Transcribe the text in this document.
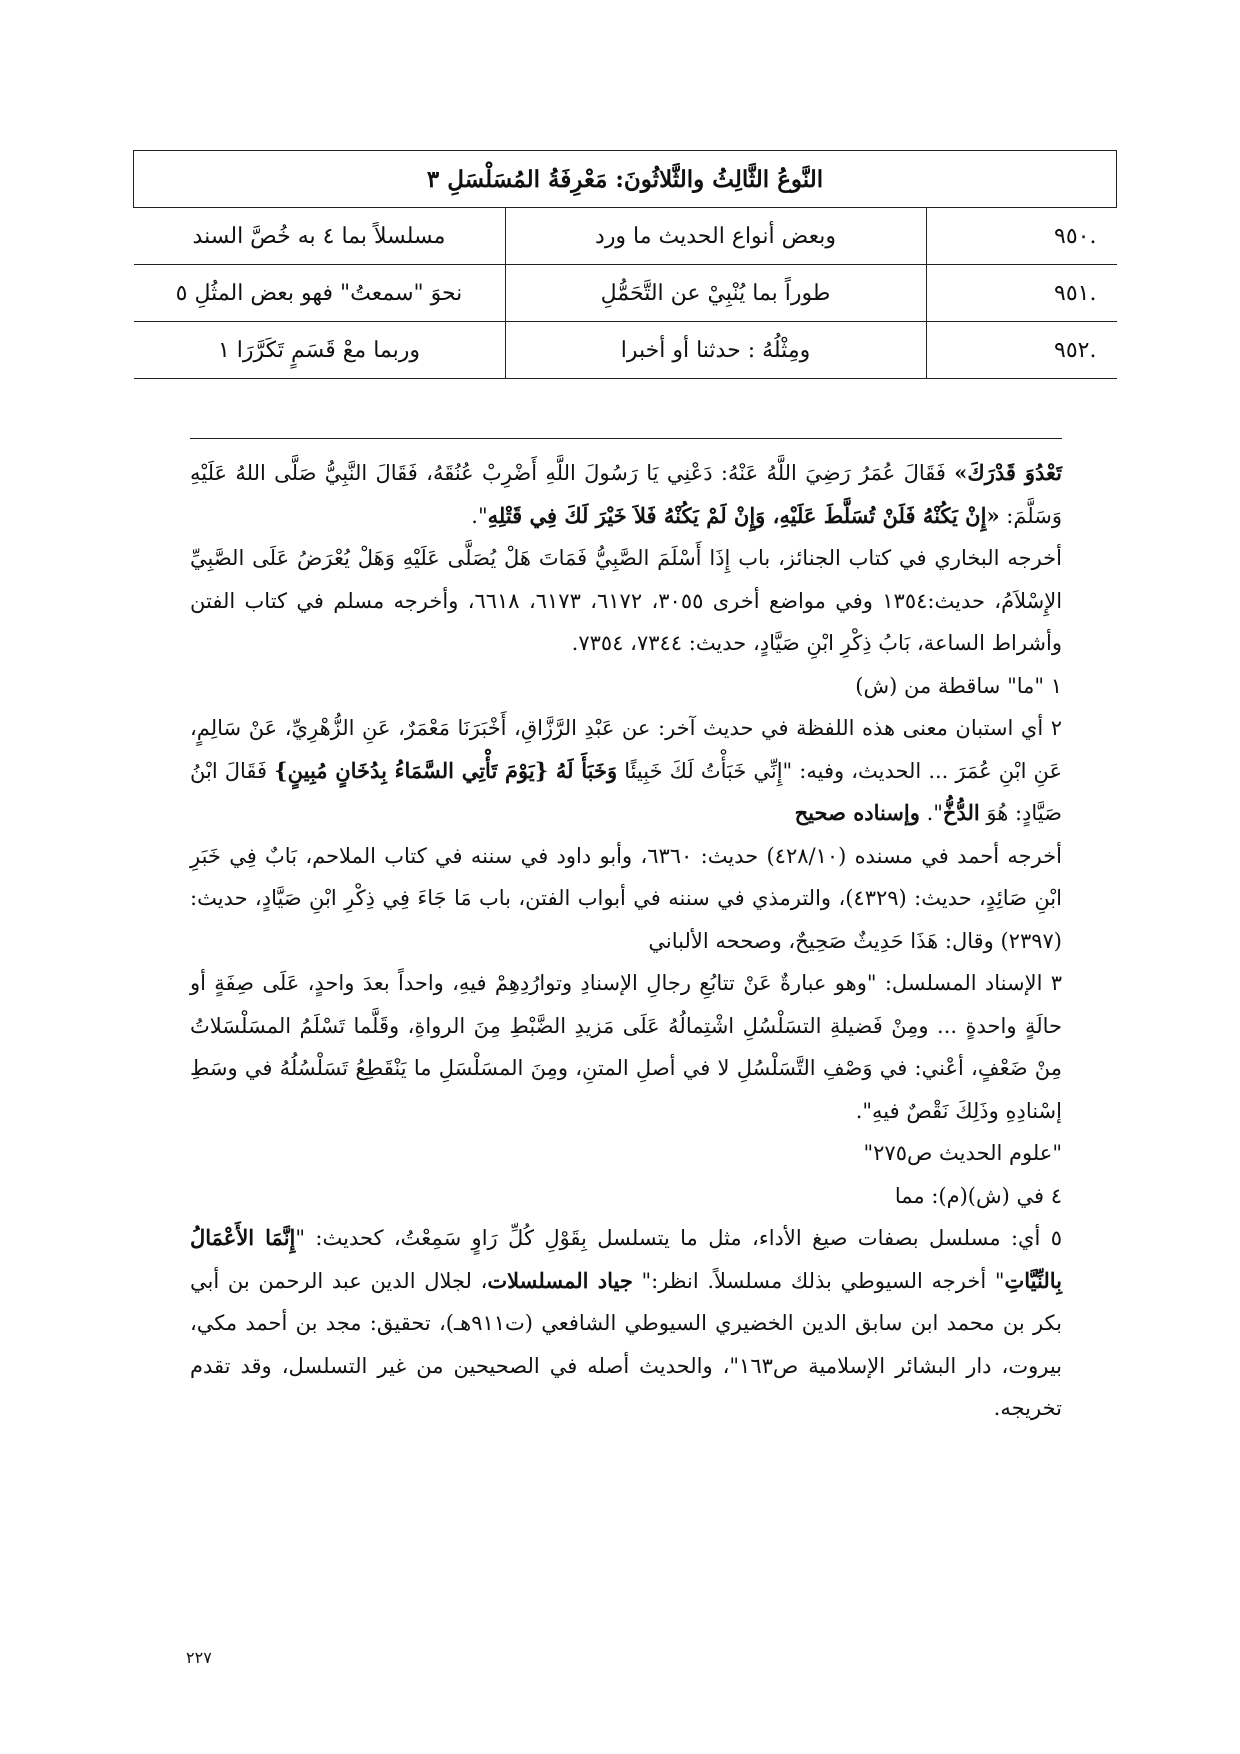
النَّوعُ الثَّالِثُ والثَّلاثُونَ: مَعْرِفَةُ المُسَلْسَلِ ٣		
.٩٥٠	وبعض أنواع الحديث ما ورد	مسلسلاً بما ٤ به خُصَّ السند
.٩٥١	طوراً بما يُنْبِيْ عن التَّحَمُّلِ	نحوَ "سمعتُ" فهو بعض المثُلِ ٥
.٩٥٢	ومِثْلُهُ : حدثنا أو أخبرا	وربما معْ قَسَمٍ تَكَرَّرَا ١

تَعْدُوَ قَدْرَكَ» فَقَالَ عُمَرُ رَضِيَ اللَّهُ عَنْهُ: دَعْنِي يَا رَسُولَ اللَّهِ أَضْرِبْ عُنُقَهُ، فَقَالَ النَّبِيُّ صَلَّى اللهُ عَلَيْهِ وَسَلَّمَ: «إِنْ يَكُنْهُ فَلَنْ تُسَلَّطَ عَلَيْهِ، وَإِنْ لَمْ يَكُنْهُ فَلاَ خَيْرَ لَكَ فِي قَتْلِهِ".

أخرجه البخاري في كتاب الجنائز، باب إِذَا أَسْلَمَ الصَّبِيُّ فَمَاتَ هَلْ يُصَلَّى عَلَيْهِ وَهَلْ يُعْرَضُ عَلَى الصَّبِيِّ الإِسْلاَمُ، حديث:١٣٥٤ وفي مواضع أخرى ٣٠٥٥، ٦١٧٢، ٦١٧٣، ٦٦١٨، وأخرجه مسلم في كتاب الفتن وأشراط الساعة، بَابُ ذِكْرِ ابْنِ صَيَّادٍ، حديث: ٧٣٤٤، ٧٣٥٤.

١ "ما" ساقطة من (ش)

٢ أي استبان معنى هذه اللفظة في حديث آخر: عن عَبْدِ الرَّزَّاقِ، أَخْبَرَنَا مَعْمَرٌ، عَنِ الزُّهْرِيِّ، عَنْ سَالِمٍ، عَنِ ابْنِ عُمَرَ ... الحديث، وفيه: "إِنِّي خَبَأْتُ لَكَ خَبِيئًا وَخَبَأَ لَهُ {يَوْمَ تَأْتِي السَّمَاءُ بِدُخَانٍ مُبِينٍ} فَقَالَ ابْنُ صَيَّادٍ: هُوَ الدُّخُّ". وإسناده صحيح

أخرجه أحمد في مسنده (٤٢٨/١٠) حديث: ٦٣٦٠، وأبو داود في سننه في كتاب الملاحم، بَابٌ فِي خَبَرِ ابْنِ صَائِدٍ، حديث: (٤٣٢٩)، والترمذي في سننه في أبواب الفتن، باب مَا جَاءَ فِي ذِكْرِ ابْنِ صَيَّادٍ، حديث: (٢٣٩٧) وقال: هَذَا حَدِيثٌ صَحِيحٌ، وصححه الألباني

٣ الإسناد المسلسل: "وهو عبارةٌ عَنْ تتابُعِ رجالِ الإسنادِ وتوارُدِهِمْ فيهِ، واحداً بعدَ واحدٍ، عَلَى صِفَةٍ أو حالَةٍ واحدةٍ ... ومِنْ فَضيلةِ التسَلْسُلِ اشْتِمالُهُ عَلَى مَزيدِ الضَّبْطِ مِنَ الرواةِ، وقَلَّما تَسْلَمُ المسَلْسَلاتُ مِنْ ضَعْفٍ، أعْني: في وَصْفِ التَّسَلْسُلِ لا في أصلِ المتنِ، ومِنَ المسَلْسَلِ ما يَنْقَطِعُ تَسَلْسُلُهُ في وسَطِ إسْنادِهِ وذَلِكَ نَقْصٌ فيهِ".

"علوم الحديث ص٢٧٥"

٤ في (ش)(م): مما

٥ أي: مسلسل بصفات صيغ الأداء، مثل ما يتسلسل بِقَوْلِ كُلِّ رَاوٍ سَمِعْتُ، كحديث: "إِنَّمَا الأَعْمَالُ بِالنِّيَّاتِ" أخرجه السيوطي بذلك مسلسلاً. انظر:" جياد المسلسلات، لجلال الدين عبد الرحمن بن أبي بكر بن محمد ابن سابق الدين الخضيري السيوطي الشافعي (ت٩١١هـ)، تحقيق: مجد بن أحمد مكي، بيروت، دار البشائر الإسلامية ص١٦٣"، والحديث أصله في الصحيحين من غير التسلسل، وقد تقدم تخريجه.

٢٢٧
